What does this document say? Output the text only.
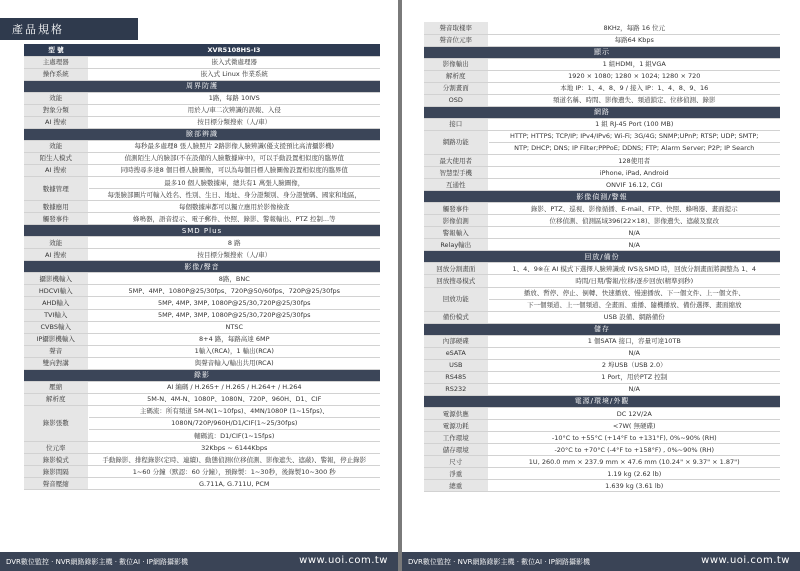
產品規格
型 號	XVR5108HS-I3
主處理器	嵌入式微處理器
操作系統	嵌入式 Linux 作業系統
周界防護	
效能	1路，每路 10IVS
對象分類	用於人/車二次辨識的誤報、入侵
AI 搜索	按目標分類搜索（人/車）
臉部辨識	
效能	每秒最多處理8 張人臉照片 2路影像人臉辨識(優支援預比高清攝影機)
陌生人模式	偵測陌生人的臉部(不在設備的人臉數據庫中)，可以手動設置相似度的臨界值
AI 搜索	同時搜尋多達8 個目標人臉圖像，可以為每個目標人臉圖像設置相似度的臨界值
數據管理	最多10 個人臉數據庫，總共有1 萬張人臉圖像，
	每張臉部圖片可輸入姓名、性別、生日、地址、身分證類別、身分證號碼、國家和地區，
數據應用	每個數據庫都可以獨立應用於影像檢查
觸發事件	蜂鳴器，語音提示、電子郵件、快照、錄影、警報輸出、PTZ 控制...等
SMD Plus	
效能	8 路
AI 搜索	按目標分類搜索（人/車）
影像/聲音	
攝影機輸入	8路，BNC
HDCVI輸入	5MP、4MP、1080P@25/30fps、720P@50/60fps、720P@25/30fps
AHD輸入	5MP, 4MP, 3MP, 1080P@25/30,720P@25/30fps
TVI輸入	5MP, 4MP, 3MP, 1080P@25/30,720P@25/30fps
CVBS輸入	NTSC
IP攝影機輸入	8+4 路，每路高達 6MP
聲音	1輸入(RCA)，1 輸出(RCA)
雙向對講	與聲音輸入/輸出共用(RCA)
錄影	
壓縮	AI 編碼 / H.265+ / H.265 / H.264+ / H.264
解析度	5M-N、4M-N、1080P、1080N、720P、960H、D1、CIF
錄影張數	主碼流：所有頻道 5M-N(1~10fps)、4MN/1080P (1~15fps)、
	1080N/720P/960H/D1/CIF(1~25/30fps)
	輔碼流：D1/CIF(1~15fps)
位元率	32Kbps ~ 6144Kbps
錄影模式	手動錄影、排程錄影(定時、連續)、動態偵測(位移偵測、影像遮失、遮蔽)、警報，停止錄影
錄影間隔	1~60 分鐘（默認：60 分鐘），預錄製：1~30秒，後錄製10~300 秒
聲音壓縮	G.711A, G.711U, PCM
DVR數位監控 · NVR網路錄影主機 · 數位AI · IP網路攝影機	www.uoi.com.tw
聲音取樣率	8KHz，每路 16 位元
聲音位元率	每路64 Kbps
顯示	
影像輸出	1 組HDMI，1 組VGA
解析度	1920 × 1080; 1280 × 1024; 1280 × 720
分割畫面	本地 IP：1、4、8、9 / 接入 IP：1、4、8、9、16
OSD	頻道名稱、時間、影像遺失、頻道鎖定、位移偵測、錄影
網路	
接口	1 組 RJ-45 Port (100 MB)
網路功能	HTTP; HTTPS; TCP/IP; IPv4/IPv6; Wi-Fi; 3G/4G; SNMP;UPnP; RTSP; UDP; SMTP;
	NTP; DHCP; DNS; IP Filter;PPPoE; DDNS; FTP; Alarm Server; P2P; IP Search
最大使用者	128使用者
智慧型手機	iPhone, iPad, Android
互通性	ONVIF 16.12, CGI
影像偵測/警報	
觸發事件	錄影、PTZ、巡視、影像循播、E-mail、FTP、快照、蜂鳴器、畫面提示
影像偵測	位移偵測、偵測區域396(22×18)、影像遺失、遮蔽及竄改
警報輸入	N/A
Relay輸出	N/A
回放/備份	
回放分割畫面	1、4、9※在 AI 模式下選擇人臉辨識或 IVS＆SMD 時，回放分割畫面將調整為 1、4
回放搜尋模式	時間/日期/警報/位移/逐步回放(精準到秒)
回放功能	播放、暫停、停止、倒轉、快速播放、慢速播放、下一個文件、上一個文件、
	下一個頻道、上一個頻道、全畫面、重播、隨機播放、備份選擇、畫面縮放
備份模式	USB 設備、網路備份
儲存	
內部硬碟	1 個SATA 接口，容量可達10TB
eSATA	N/A
USB	2 埠USB（USB 2.0）
RS485	1 Port，用於PTZ 控制
RS232	N/A
電源/環境/外觀	
電源供應	DC 12V/2A
電源功耗	<7W( 無硬碟)
工作環境	-10°C to +55°C (+14°F to +131°F), 0%~90% (RH)
儲存環境	-20°C to +70°C (-4°F to +158°F) , 0%~90% (RH)
尺寸	1U, 260.0 mm × 237.9 mm × 47.6 mm (10.24" × 9.37" × 1.87")
淨重	1.19 kg (2.62 lb)
總重	1.639 kg (3.61 lb)
DVR數位監控 · NVR網路錄影主機 · 數位AI · IP網路攝影機	www.uoi.com.tw
